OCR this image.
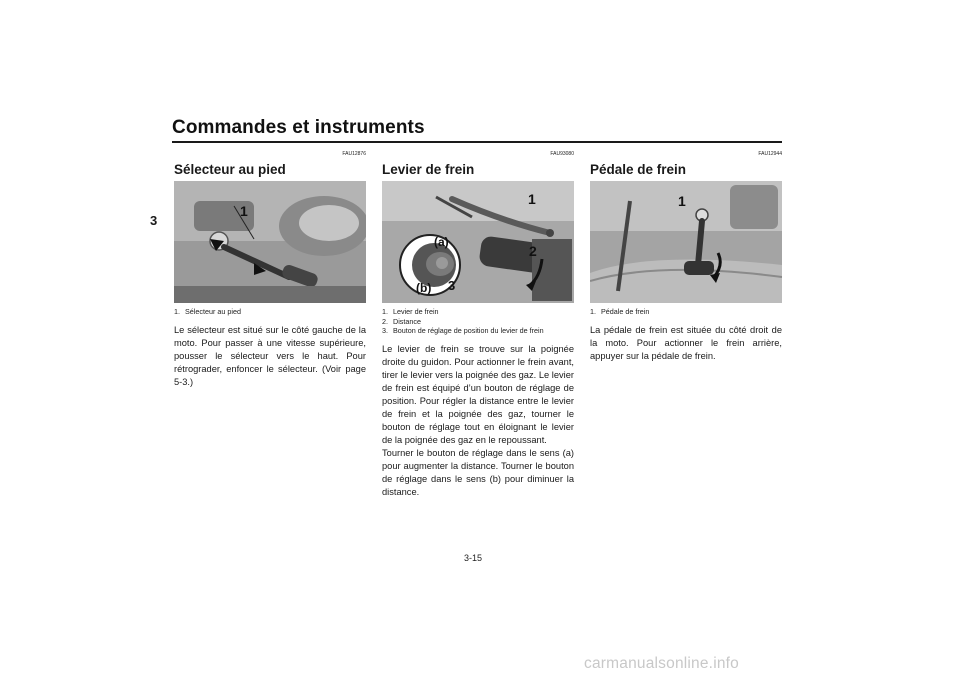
Commandes et instruments
3
FAU12876
Sélecteur au pied
1
1. Sélecteur au pied

Le sélecteur est situé sur le côté gauche de la moto. Pour passer à une vitesse supérieure, pousser le sélecteur vers le haut. Pour rétrograder, enfoncer le sélecteur. (Voir page 5-3.)

FAU93080
Levier de frein
1
2
3
(a)
(b)
1. Levier de frein
2. Distance
3. Bouton de réglage de position du levier de frein

Le levier de frein se trouve sur la poignée droite du guidon. Pour actionner le frein avant, tirer le levier vers la poignée des gaz. Le levier de frein est équipé d’un bouton de réglage de position. Pour régler la distance entre le levier de frein et la poignée des gaz, tourner le bouton de réglage tout en éloignant le levier de la poignée des gaz en le repoussant.
Tourner le bouton de réglage dans le sens (a) pour augmenter la distance. Tourner le bouton de réglage dans le sens (b) pour diminuer la distance.

FAU12944
Pédale de frein
1
1. Pédale de frein

La pédale de frein est située du côté droit de la moto. Pour actionner le frein arrière, appuyer sur la pédale de frein.

3-15
carmanualsonline.info
